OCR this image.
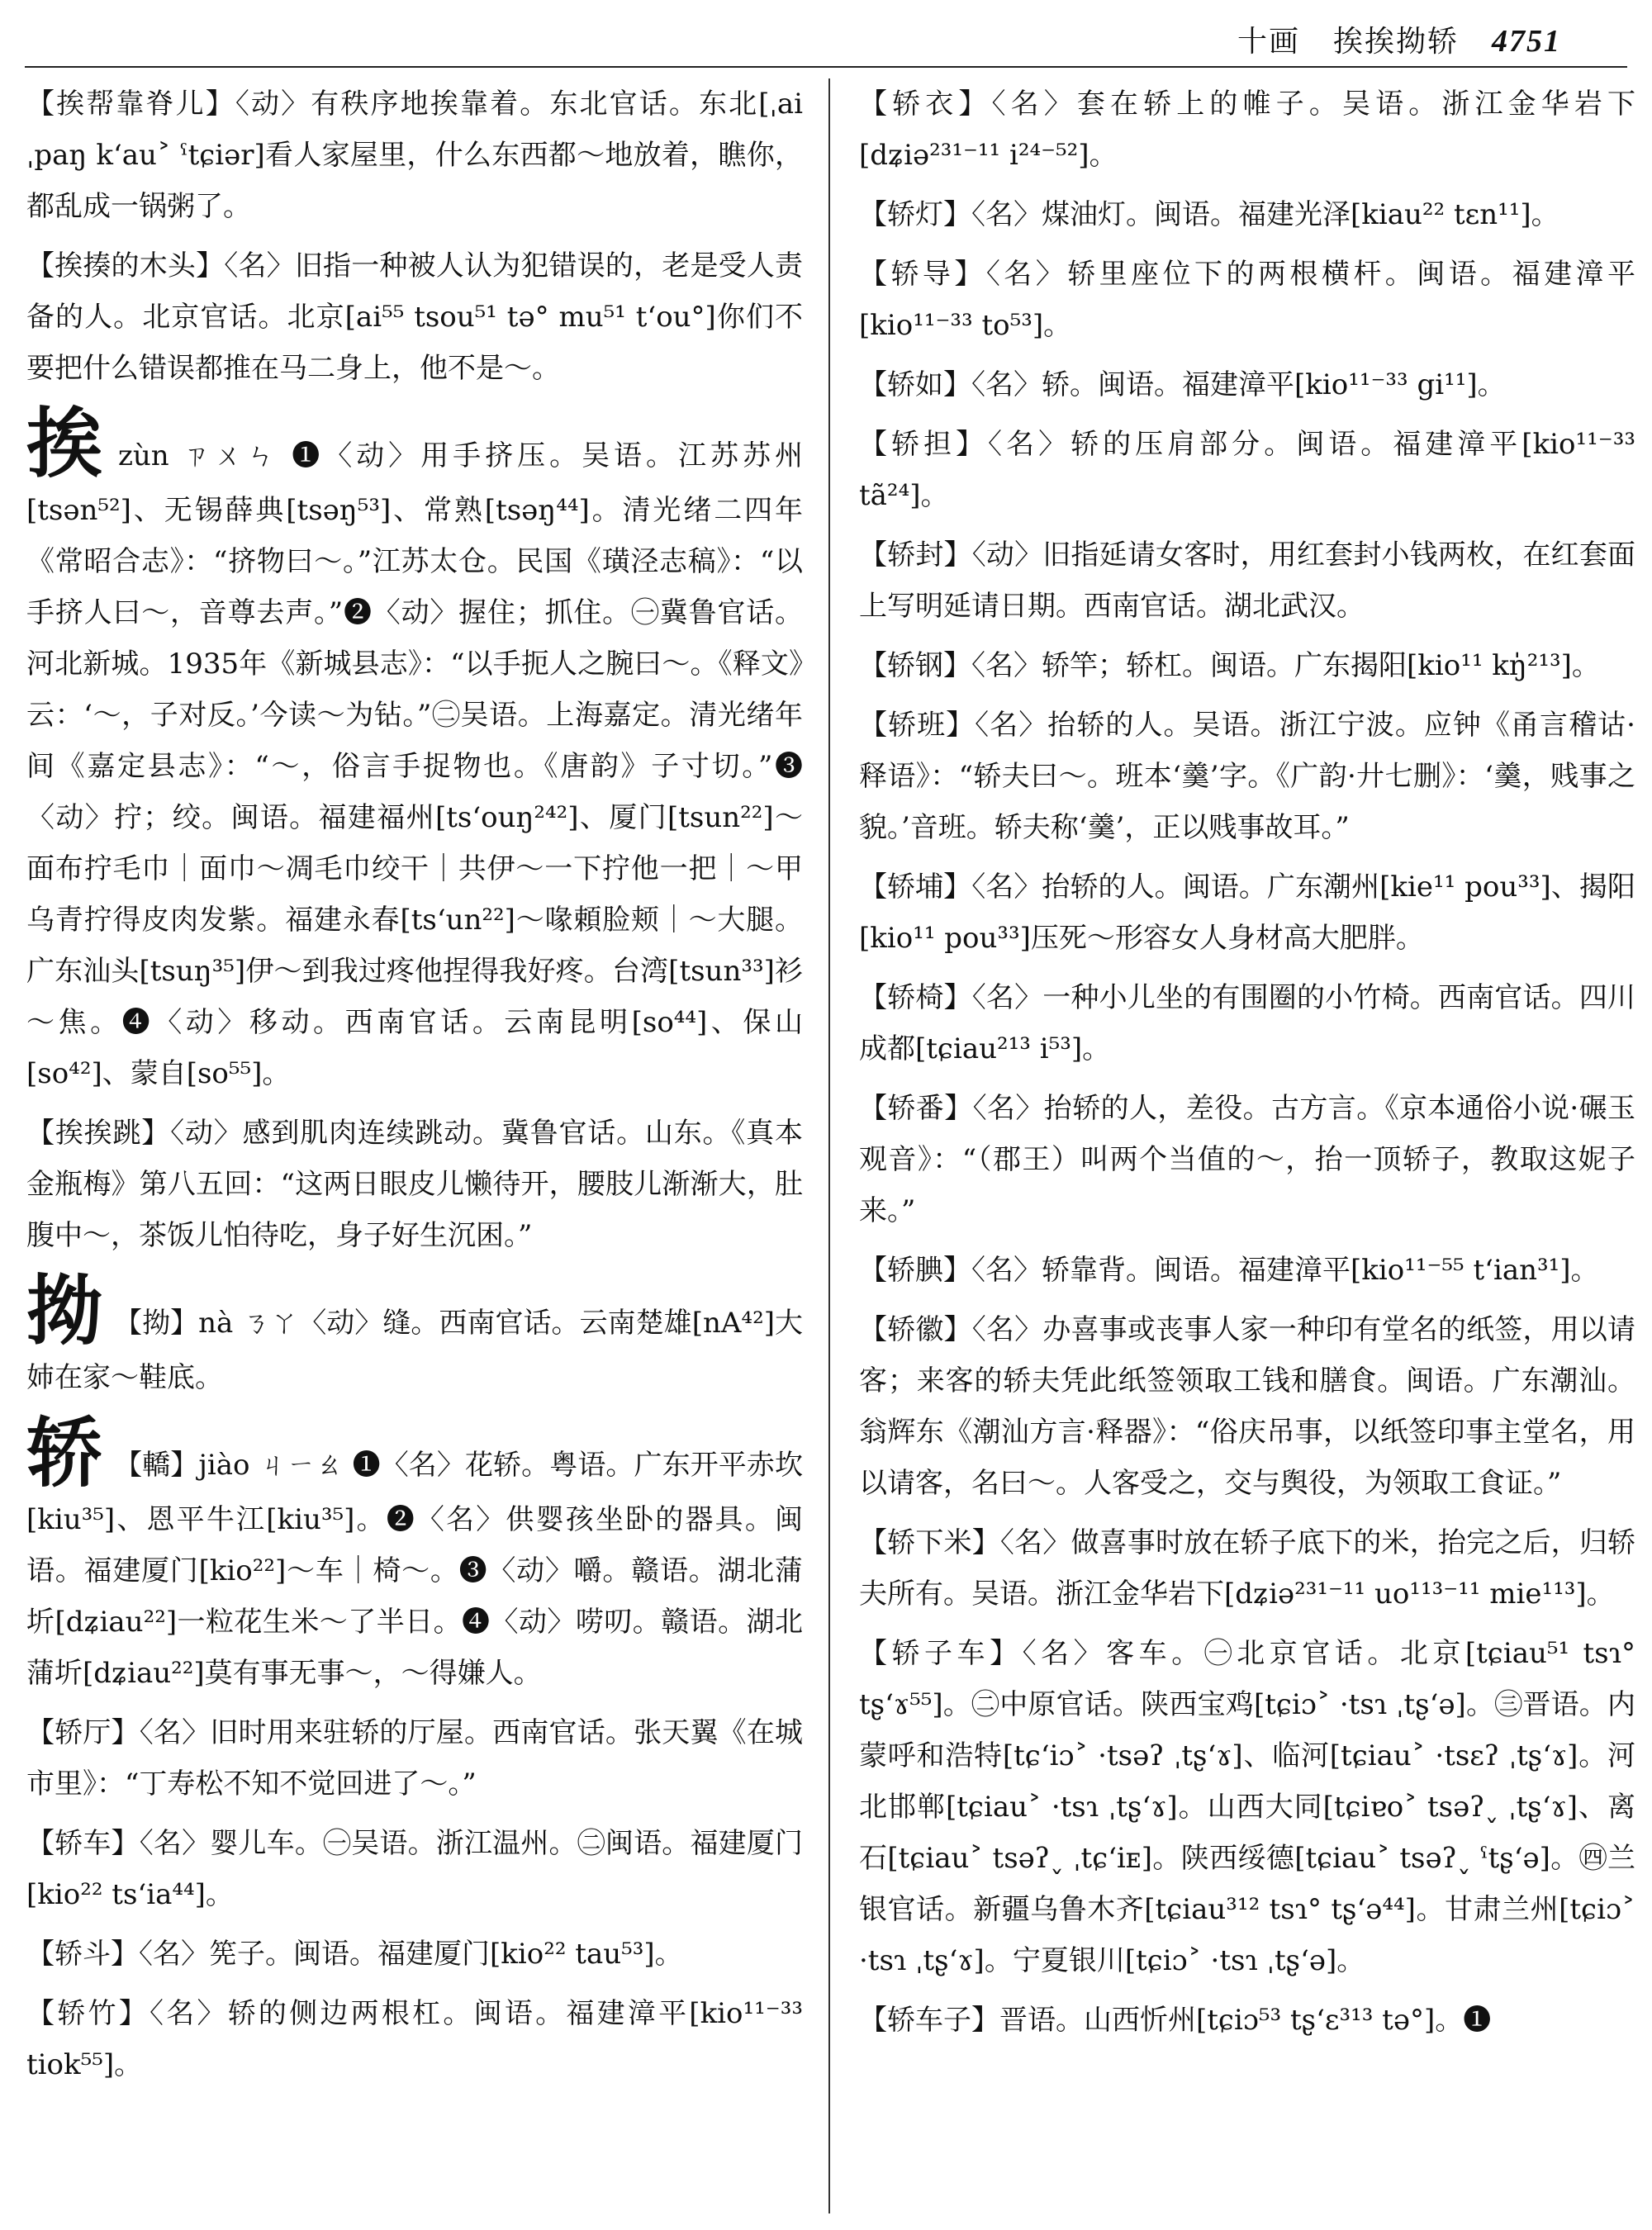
十画 挨挨拗轿 4751
【挨帮靠脊儿】〈动〉有秩序地挨靠着。东北官话。东北[ˌai ˌpaŋ kʻau˃ ˁtɕiər]看人家屋里，什么东西都～地放着，瞧你，都乱成一锅粥了。
【挨揍的木头】〈名〉旧指一种被人认为犯错误的，老是受人责备的人。北京官话。北京[ai⁵⁵ tsou⁵¹ tə° mu⁵¹ tʻou°]你们不要把什么错误都推在马二身上，他不是～。
挨zùn ㄗㄨㄣ ❶〈动〉用手挤压。吴语。江苏苏州[tsən⁵²]、无锡薛典[tsəŋ⁵³]、常熟[tsəŋ⁴⁴]。清光绪二四年《常昭合志》：“挤物曰～。”江苏太仓。民国《璜泾志稿》：“以手挤人曰～，音尊去声。”❷〈动〉握住；抓住。㊀冀鲁官话。河北新城。1935年《新城县志》：“以手扼人之腕曰～。《释文》云：‘～，子对反。’今读～为钻。”㊁吴语。上海嘉定。清光绪年间《嘉定县志》：“～，俗言手捉物也。《唐韵》子寸切。”❸〈动〉拧；绞。闽语。福建福州[tsʻouŋ²⁴²]、厦门[tsun²²]～面布拧毛巾｜面巾～凋毛巾绞干｜共伊～一下拧他一把｜～甲乌青拧得皮肉发紫。福建永春[tsʻun²²]～喙頼脸颊｜～大腿。广东汕头[tsuŋ³⁵]伊～到我过疼他捏得我好疼。台湾[tsun³³]衫～焦。❹〈动〉移动。西南官话。云南昆明[so⁴⁴]、保山[so⁴²]、蒙自[so⁵⁵]。
【挨挨跳】〈动〉感到肌肉连续跳动。冀鲁官话。山东。《真本金瓶梅》第八五回：“这两日眼皮儿懒待开，腰肢儿渐渐大，肚腹中～，茶饭儿怕待吃，身子好生沉困。”
拗 【拗】nà ㄋㄚ〈动〉缝。西南官话。云南楚雄[nA⁴²]大姉在家～鞋底。
轿 【轎】jiào ㄐㄧㄠ ❶〈名〉花轿。粤语。广东开平赤坎[kiu³⁵]、恩平牛江[kiu³⁵]。❷〈名〉供婴孩坐卧的器具。闽语。福建厦门[kio²²]～车｜椅～。❸〈动〉嚼。赣语。湖北蒲圻[dʑiau²²]一粒花生米～了半日。❹〈动〉唠叨。赣语。湖北蒲圻[dʑiau²²]莫有事无事～，～得嫌人。
【轿厅】〈名〉旧时用来驻轿的厅屋。西南官话。张天翼《在城市里》：“丁寿松不知不觉回进了～。”
【轿车】〈名〉婴儿车。㊀吴语。浙江温州。㊁闽语。福建厦门[kio²² tsʻia⁴⁴]。
【轿斗】〈名〉筅子。闽语。福建厦门[kio²² tau⁵³]。
【轿竹】〈名〉轿的侧边两根杠。闽语。福建漳平[kio¹¹⁻³³ tiok⁵⁵]。
【轿衣】〈名〉套在轿上的帷子。吴语。浙江金华岩下[dʑiə²³¹⁻¹¹ i²⁴⁻⁵²]。
【轿灯】〈名〉煤油灯。闽语。福建光泽[kiau²² tɛn¹¹]。
【轿导】〈名〉轿里座位下的两根横杆。闽语。福建漳平[kio¹¹⁻³³ to⁵³]。
【轿如】〈名〉轿。闽语。福建漳平[kio¹¹⁻³³ gi¹¹]。
【轿担】〈名〉轿的压肩部分。闽语。福建漳平[kio¹¹⁻³³ tã²⁴]。
【轿封】〈动〉旧指延请女客时，用红套封小钱两枚，在红套面上写明延请日期。西南官话。湖北武汉。
【轿钢】〈名〉轿竿；轿杠。闽语。广东揭阳[kio¹¹ kŋ̍²¹³]。
【轿班】〈名〉抬轿的人。吴语。浙江宁波。应钟《甬言稽诂·释语》：“轿夫曰～。班本‘羹’字。《广韵·廾七删》：‘羹，贱事之貌。’音班。轿夫称‘羹’，正以贱事故耳。”
【轿埔】〈名〉抬轿的人。闽语。广东潮州[kie¹¹ pou³³]、揭阳[kio¹¹ pou³³]压死～形容女人身材高大肥胖。
【轿椅】〈名〉一种小儿坐的有围圈的小竹椅。西南官话。四川成都[tɕiau²¹³ i⁵³]。
【轿番】〈名〉抬轿的人，差役。古方言。《京本通俗小说·碾玉观音》：“（郡王）叫两个当值的～，抬一顶轿子，教取这妮子来。”
【轿腆】〈名〉轿靠背。闽语。福建漳平[kio¹¹⁻⁵⁵ tʻian³¹]。
【轿徽】〈名〉办喜事或丧事人家一种印有堂名的纸签，用以请客；来客的轿夫凭此纸签领取工钱和膳食。闽语。广东潮汕。翁辉东《潮汕方言·释器》：“俗庆吊事，以纸签印事主堂名，用以请客，名曰～。人客受之，交与舆役，为领取工食证。”
【轿下米】〈名〉做喜事时放在轿子底下的米，抬完之后，归轿夫所有。吴语。浙江金华岩下[dʑiə²³¹⁻¹¹ uo¹¹³⁻¹¹ mie¹¹³]。
【轿子车】〈名〉客车。㊀北京官话。北京[tɕiau⁵¹ tsɿ° tʂʻɤ⁵⁵]。㊁中原官话。陕西宝鸡[tɕiɔ˃ ·tsɿ ˌtʂʻə]。㊂晋语。内蒙呼和浩特[tɕʻiɔ˃ ·tsəʔ ˌtʂʻɤ]、临河[tɕiau˃ ·tsɛʔ ˌtʂʻɤ]。河北邯郸[tɕiau˃ ·tsɿ ˌtʂʻɤ]。山西大同[tɕiɐo˃ tsəʔ˯ ˌtʂʻɤ]、离石[tɕiau˃ tsəʔ˯ ˌtɕʻiᴇ]。陕西绥德[tɕiau˃ tsəʔ˯ ˁtʂʻə]。㊃兰银官话。新疆乌鲁木齐[tɕiau³¹² tsɿ° tʂʻə⁴⁴]。甘肃兰州[tɕiɔ˃ ·tsɿ ˌtʂʻɤ]。宁夏银川[tɕiɔ˃ ·tsɿ ˌtʂʻə]。
【轿车子】晋语。山西忻州[tɕiɔ⁵³ tʂʻɛ³¹³ tə°]。❶
